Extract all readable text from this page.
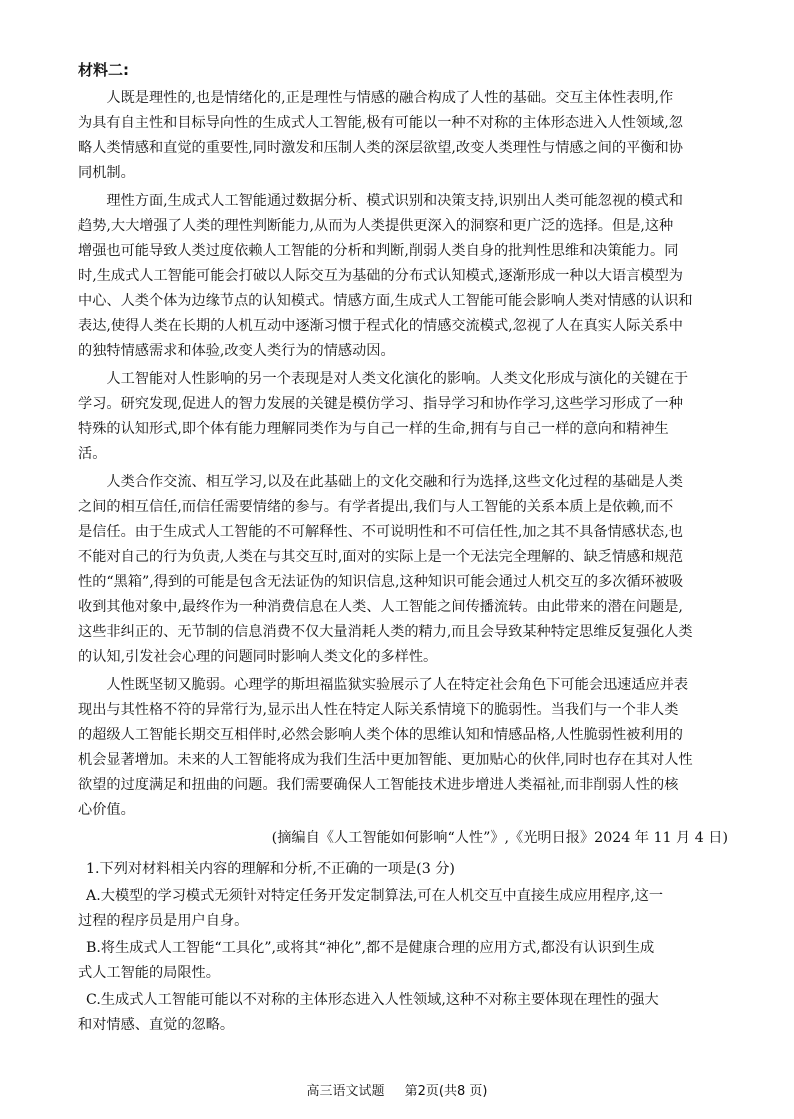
材料二:
人既是理性的,也是情绪化的,正是理性与情感的融合构成了人性的基础。交互主体性表明,作
为具有自主性和目标导向性的生成式人工智能,极有可能以一种不对称的主体形态进入人性领域,忽
略人类情感和直觉的重要性,同时激发和压制人类的深层欲望,改变人类理性与情感之间的平衡和协
同机制。
理性方面,生成式人工智能通过数据分析、模式识别和决策支持,识别出人类可能忽视的模式和
趋势,大大增强了人类的理性判断能力,从而为人类提供更深入的洞察和更广泛的选择。但是,这种
增强也可能导致人类过度依赖人工智能的分析和判断,削弱人类自身的批判性思维和决策能力。同
时,生成式人工智能可能会打破以人际交互为基础的分布式认知模式,逐渐形成一种以大语言模型为
中心、人类个体为边缘节点的认知模式。情感方面,生成式人工智能可能会影响人类对情感的认识和
表达,使得人类在长期的人机互动中逐渐习惯于程式化的情感交流模式,忽视了人在真实人际关系中
的独特情感需求和体验,改变人类行为的情感动因。
人工智能对人性影响的另一个表现是对人类文化演化的影响。人类文化形成与演化的关键在于
学习。研究发现,促进人的智力发展的关键是模仿学习、指导学习和协作学习,这些学习形成了一种
特殊的认知形式,即个体有能力理解同类作为与自己一样的生命,拥有与自己一样的意向和精神生
活。
人类合作交流、相互学习,以及在此基础上的文化交融和行为选择,这些文化过程的基础是人类
之间的相互信任,而信任需要情绪的参与。有学者提出,我们与人工智能的关系本质上是依赖,而不
是信任。由于生成式人工智能的不可解释性、不可说明性和不可信任性,加之其不具备情感状态,也
不能对自己的行为负责,人类在与其交互时,面对的实际上是一个无法完全理解的、缺乏情感和规范
性的“黑箱”,得到的可能是包含无法证伪的知识信息,这种知识可能会通过人机交互的多次循环被吸
收到其他对象中,最终作为一种消费信息在人类、人工智能之间传播流转。由此带来的潜在问题是,
这些非纠正的、无节制的信息消费不仅大量消耗人类的精力,而且会导致某种特定思维反复强化人类
的认知,引发社会心理的问题同时影响人类文化的多样性。
人性既坚韧又脆弱。心理学的斯坦福监狱实验展示了人在特定社会角色下可能会迅速适应并表
现出与其性格不符的异常行为,显示出人性在特定人际关系情境下的脆弱性。当我们与一个非人类
的超级人工智能长期交互相伴时,必然会影响人类个体的思维认知和情感品格,人性脆弱性被利用的
机会显著增加。未来的人工智能将成为我们生活中更加智能、更加贴心的伙伴,同时也存在其对人性
欲望的过度满足和扭曲的问题。我们需要确保人工智能技术进步增进人类福祉,而非削弱人性的核
心价值。
(摘编自《人工智能如何影响“人性”》,《光明日报》2024 年 11 月 4 日)
1.下列对材料相关内容的理解和分析,不正确的一项是(3 分)
A.大模型的学习模式无须针对特定任务开发定制算法,可在人机交互中直接生成应用程序,这一
过程的程序员是用户自身。
B.将生成式人工智能“工具化”,或将其“神化”,都不是健康合理的应用方式,都没有认识到生成
式人工智能的局限性。
C.生成式人工智能可能以不对称的主体形态进入人性领域,这种不对称主要体现在理性的强大
和对情感、直觉的忽略。
高三语文试题 第2页(共8 页)
